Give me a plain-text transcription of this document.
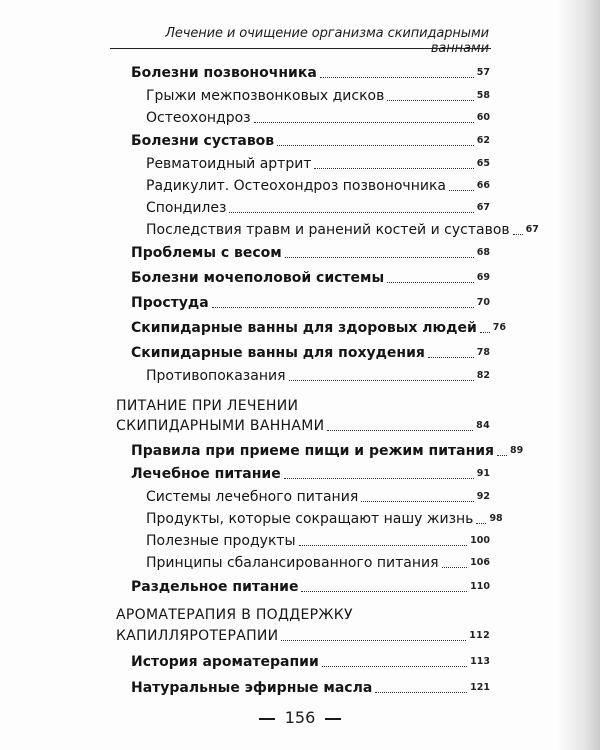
Лечение и очищение организма скипидарными ваннами
Болезни позвоночника	57
Грыжи межпозвонковых дисков	58
Остеохондроз	60
Болезни суставов	62
Ревматоидный артрит	65
Радикулит. Остеохондроз позвоночника	66
Спондилез	67
Последствия травм и ранений костей и суставов 67
Проблемы с весом	68
Болезни мочеполовой системы	69
Простуда	70
Скипидарные ванны для здоровых людей 76
Скипидарные ванны для похудения	78
Противопоказания	82
ПИТАНИЕ ПРИ ЛЕЧЕНИИ
СКИПИДАРНЫМИ ВАННАМИ	84
Правила при приеме пищи и режим питания 89
Лечебное питание	91
Системы лечебного питания	92
Продукты, которые сокращают нашу жизнь 98
Полезные продукты	100
Принципы сбалансированного питания	106
Раздельное питание	110
АРОМАТЕРАПИЯ В ПОДДЕРЖКУ
КАПИЛЛЯРОТЕРАПИИ	112
История ароматерапии	113
Натуральные эфирные масла	121
156
